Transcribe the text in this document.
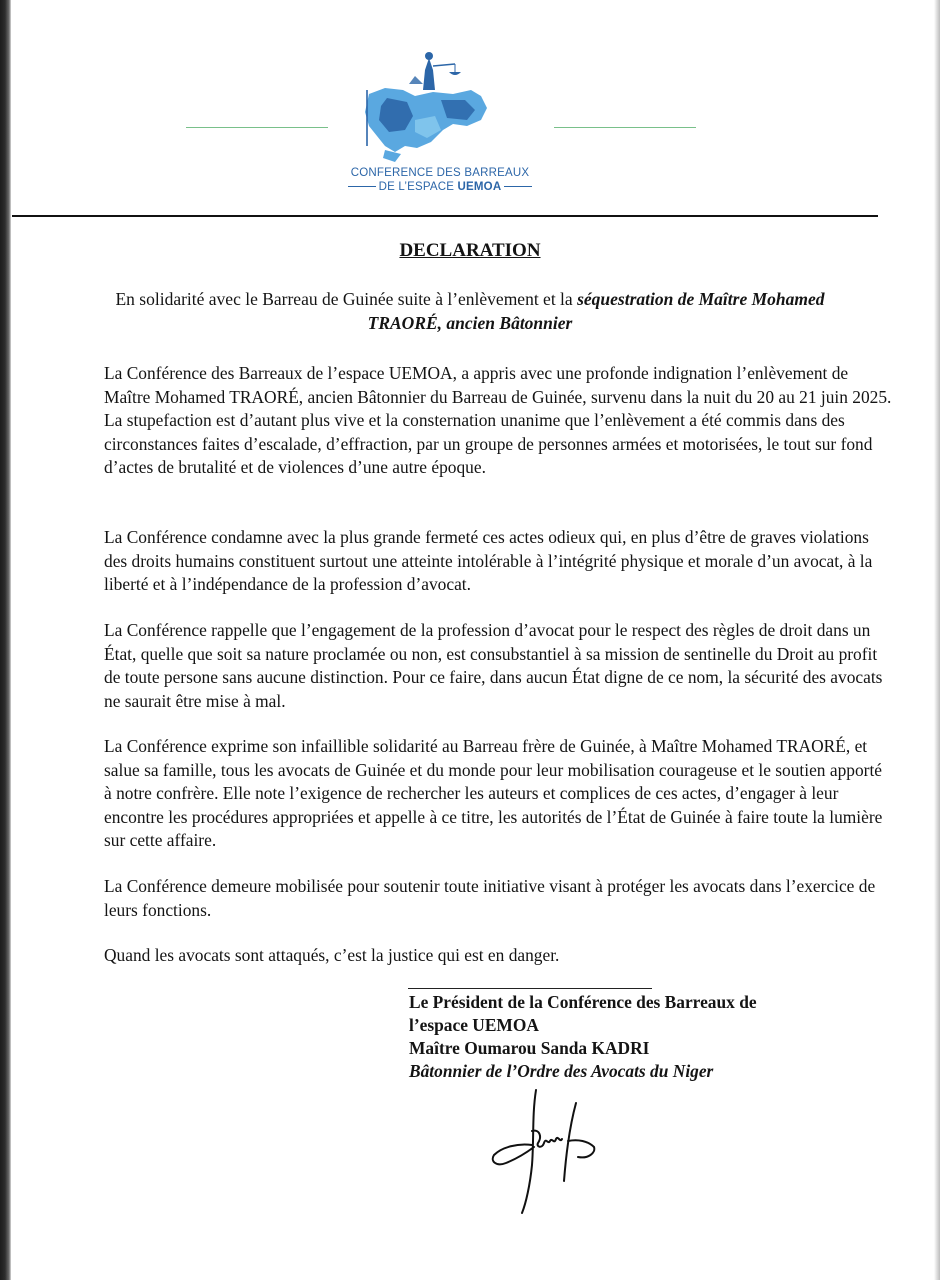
CONFERENCE DES BARREAUX
DE L’ESPACE UEMOA
DECLARATION
En solidarité avec le Barreau de Guinée suite à l’enlèvement et la séquestration de Maître Mohamed TRAORÉ, ancien Bâtonnier

La Conférence des Barreaux de l’espace UEMOA, a appris avec une profonde indignation l’enlèvement de Maître Mohamed TRAORÉ, ancien Bâtonnier du Barreau de Guinée, survenu dans la nuit du 20 au 21 juin 2025. La stupefaction est d’autant plus vive et la consternation unanime que l’enlèvement a été commis dans des circonstances faites d’escalade, d’effraction, par un groupe de personnes armées et motorisées, le tout sur fond d’actes de brutalité et de violences d’une autre époque.

La Conférence condamne avec la plus grande fermeté ces actes odieux qui, en plus d’être de graves violations des droits humains constituent surtout une atteinte intolérable à l’intégrité physique et morale d’un avocat, à la liberté et à l’indépendance de la profession d’avocat.

La Conférence rappelle que l’engagement de la profession d’avocat pour le respect des règles de droit dans un État, quelle que soit sa nature proclamée ou non, est consubstantiel à sa mission de sentinelle du Droit au profit de toute persone sans aucune distinction. Pour ce faire, dans aucun État digne de ce nom, la sécurité des avocats ne saurait être mise à mal.

La Conférence exprime son infaillible solidarité au Barreau frère de Guinée, à Maître Mohamed TRAORÉ, et salue sa famille, tous les avocats de Guinée et du monde pour leur mobilisation courageuse et le soutien apporté à notre confrère. Elle note l’exigence de rechercher les auteurs et complices de ces actes, d’engager à leur encontre les procédures appropriées et appelle à ce titre, les autorités de l’État de Guinée à faire toute la lumière sur cette affaire.

La Conférence demeure mobilisée pour soutenir toute initiative visant à protéger les avocats dans l’exercice de leurs fonctions.

Quand les avocats sont attaqués, c’est la justice qui est en danger.

Le Président de la Conférence des Barreaux de
l’espace UEMOA
Maître Oumarou Sanda KADRI
Bâtonnier de l’Ordre des Avocats du Niger
